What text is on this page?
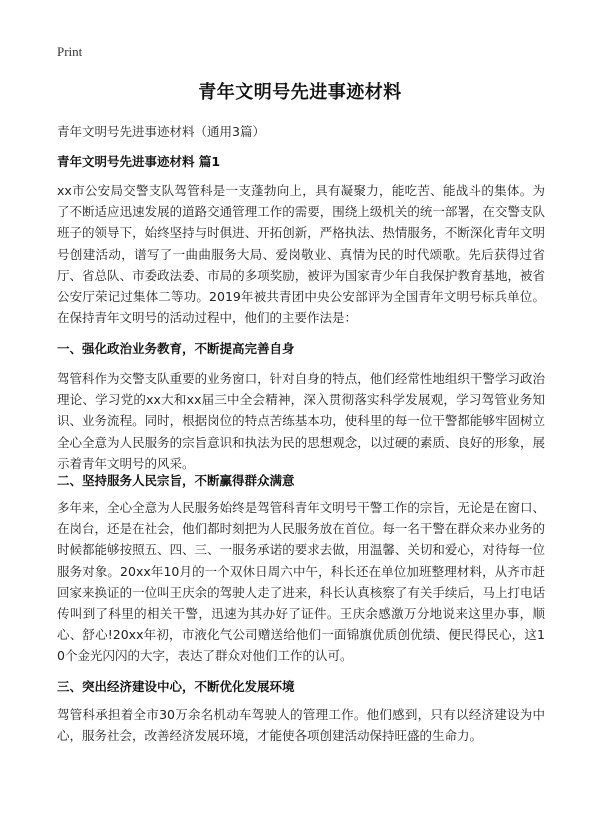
Print
青年文明号先进事迹材料
青年文明号先进事迹材料（通用3篇）
青年文明号先进事迹材料 篇1
xx市公安局交警支队驾管科是一支蓬勃向上，具有凝聚力，能吃苦、能战斗的集体。为了不断适应迅速发展的道路交通管理工作的需要，围绕上级机关的统一部署，在交警支队班子的领导下，始终坚持与时俱进、开拓创新，严格执法、热情服务，不断深化青年文明号创建活动，谱写了一曲曲服务大局、爱岗敬业、真情为民的时代颂歌。先后获得过省厅、省总队、市委政法委、市局的多项奖励，被评为国家青少年自我保护教育基地，被省公安厅荣记过集体二等功。2019年被共青团中央公安部评为全国青年文明号标兵单位。在保持青年文明号的活动过程中，他们的主要作法是：
一、强化政治业务教育，不断提高完善自身
驾管科作为交警支队重要的业务窗口，针对自身的特点，他们经常性地组织干警学习政治理论、学习党的xx大和xx届三中全会精神，深入贯彻落实科学发展观，学习驾管业务知识、业务流程。同时，根据岗位的特点苦练基本功，使科里的每一位干警都能够牢固树立全心全意为人民服务的宗旨意识和执法为民的思想观念，以过硬的素质、良好的形象，展示着青年文明号的风采。
二、坚持服务人民宗旨，不断赢得群众满意
多年来，全心全意为人民服务始终是驾管科青年文明号干警工作的宗旨，无论是在窗口、在岗台，还是在社会，他们都时刻把为人民服务放在首位。每一名干警在群众来办业务的时候都能够按照五、四、三、一服务承诺的要求去做，用温馨、关切和爱心，对待每一位服务对象。20xx年10月的一个双休日周六中午，科长还在单位加班整理材料，从齐市赶回家来换证的一位叫王庆余的驾驶人走了进来，科长认真核察了有关手续后，马上打电话传叫到了科里的相关干警，迅速为其办好了证件。王庆余感激万分地说来这里办事，顺心、舒心!20xx年初，市液化气公司赠送给他们一面锦旗优质创优绩、便民得民心，这10个金光闪闪的大字，表达了群众对他们工作的认可。
三、突出经济建设中心，不断优化发展环境
驾管科承担着全市30万余名机动车驾驶人的管理工作。他们感到，只有以经济建设为中心，服务社会，改善经济发展环境，才能使各项创建活动保持旺盛的生命力。
